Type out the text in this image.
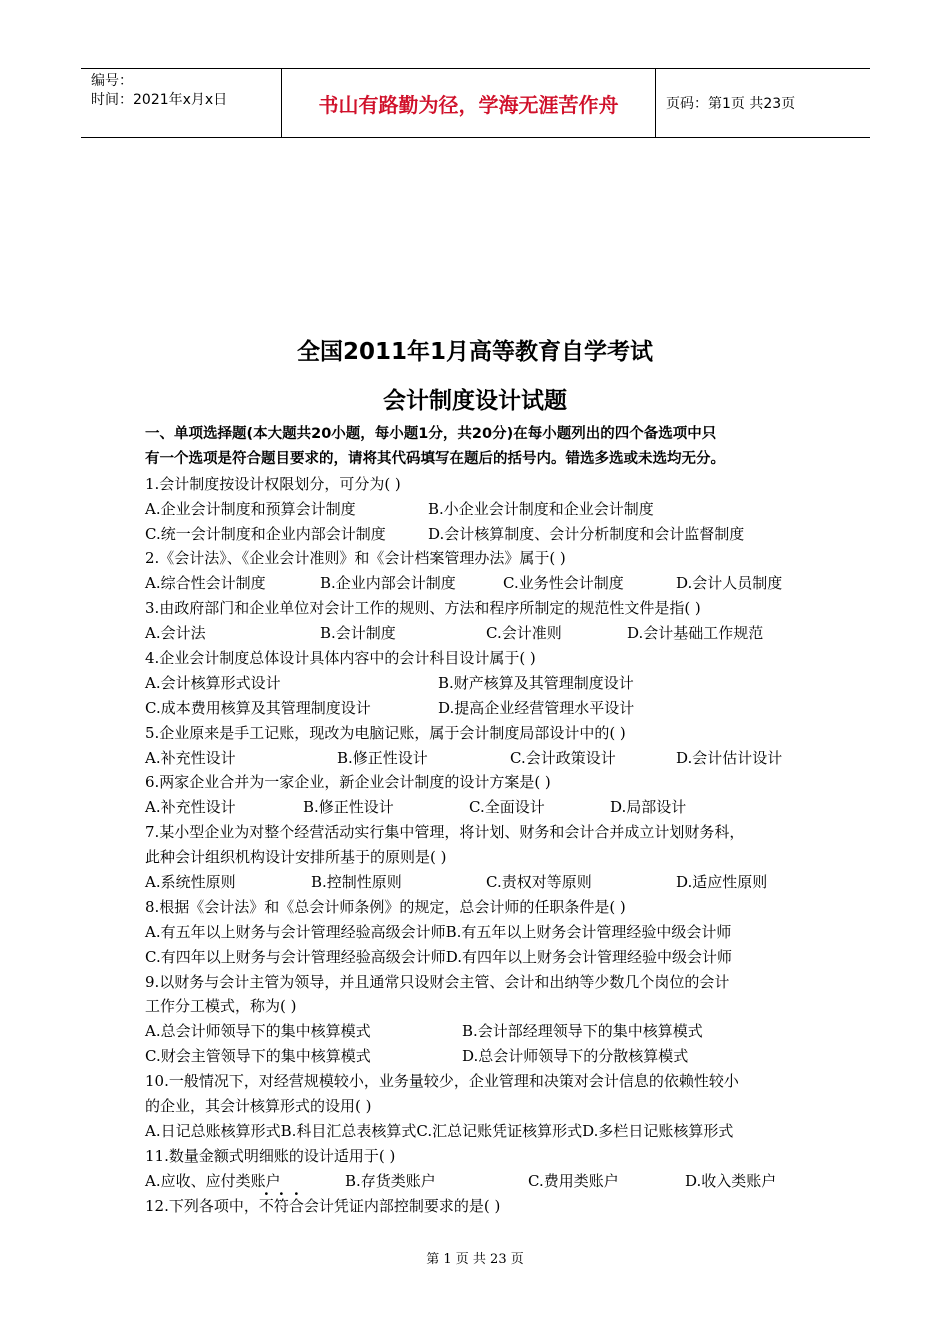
编号：
时间：2021年x月x日	书山有路勤为径，学海无涯苦作舟	页码：第1页 共23页
全国2011年1月高等教育自学考试
会计制度设计试题
一、单项选择题(本大题共20小题，每小题1分，共20分)在每小题列出的四个备选项中只
有一个选项是符合题目要求的，请将其代码填写在题后的括号内。错选多选或未选均无分。
1.会计制度按设计权限划分，可分为( )
A.企业会计制度和预算会计制度	B.小企业会计制度和企业会计制度
C.统一会计制度和企业内部会计制度	D.会计核算制度、会计分析制度和会计监督制度
2.《会计法》、《企业会计准则》和《会计档案管理办法》属于( )
A.综合性会计制度	B.企业内部会计制度	C.业务性会计制度	D.会计人员制度
3.由政府部门和企业单位对会计工作的规则、方法和程序所制定的规范性文件是指( )
A.会计法	B.会计制度	C.会计准则	D.会计基础工作规范
4.企业会计制度总体设计具体内容中的会计科目设计属于( )
A.会计核算形式设计	B.财产核算及其管理制度设计
C.成本费用核算及其管理制度设计	D.提高企业经营管理水平设计
5.企业原来是手工记账，现改为电脑记账，属于会计制度局部设计中的( )
A.补充性设计	B.修正性设计	C.会计政策设计	D.会计估计设计
6.两家企业合并为一家企业，新企业会计制度的设计方案是( )
A.补充性设计	B.修正性设计	C.全面设计	D.局部设计
7.某小型企业为对整个经营活动实行集中管理，将计划、财务和会计合并成立计划财务科，
此种会计组织机构设计安排所基于的原则是( )
A.系统性原则	B.控制性原则	C.责权对等原则	D.适应性原则
8.根据《会计法》和《总会计师条例》的规定，总会计师的任职条件是( )
A.有五年以上财务与会计管理经验高级会计师B.有五年以上财务会计管理经验中级会计师
C.有四年以上财务与会计管理经验高级会计师D.有四年以上财务会计管理经验中级会计师
9.以财务与会计主管为领导，并且通常只设财会主管、会计和出纳等少数几个岗位的会计
工作分工模式，称为( )
A.总会计师领导下的集中核算模式	B.会计部经理领导下的集中核算模式
C.财会主管领导下的集中核算模式	D.总会计师领导下的分散核算模式
10.一般情况下，对经营规模较小，业务量较少，企业管理和决策对会计信息的依赖性较小
的企业，其会计核算形式的设用( )
A.日记总账核算形式B.科目汇总表核算式C.汇总记账凭证核算形式D.多栏日记账核算形式
11.数量金额式明细账的设计适用于( )
A.应收、应付类账户	B.存货类账户	C.费用类账户	D.收入类账户
12.下列各项中，不符合会计凭证内部控制要求的是( )
第 1 页 共 23 页
